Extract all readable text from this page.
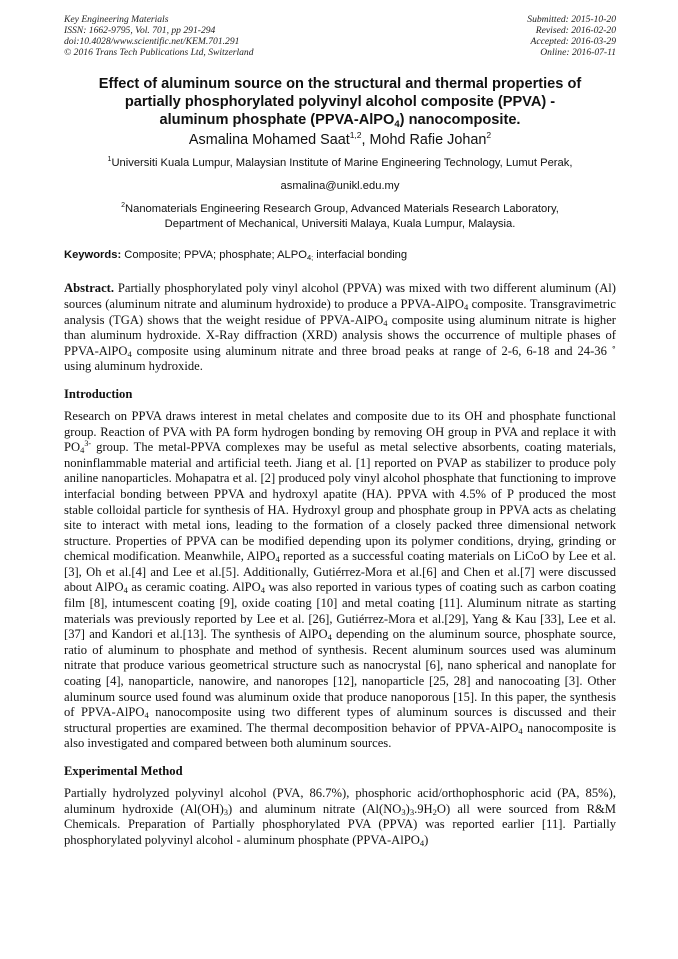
Key Engineering Materials
ISSN: 1662-9795, Vol. 701, pp 291-294
doi:10.4028/www.scientific.net/KEM.701.291
© 2016 Trans Tech Publications Ltd, Switzerland
Submitted: 2015-10-20
Revised: 2016-02-20
Accepted: 2016-03-29
Online: 2016-07-11
Effect of aluminum source on the structural and thermal properties of
partially phosphorylated polyvinyl alcohol composite (PPVA) -
aluminum phosphate (PPVA-AlPO$_4$) nanocomposite.
Asmalina Mohamed Saat$^{1,2}$, Mohd Rafie Johan$^2$
$^1$Universiti Kuala Lumpur, Malaysian Institute of Marine Engineering Technology, Lumut Perak,
asmalina@unikl.edu.my
$^2$Nanomaterials Engineering Research Group, Advanced Materials Research Laboratory,
Department of Mechanical, Universiti Malaya, Kuala Lumpur, Malaysia.
Keywords: Composite; PPVA; phosphate; $ALPO_{4;}$ interfacial bonding
Abstract. Partially phosphorylated poly vinyl alcohol (PPVA) was mixed with two different aluminum (Al) sources (aluminum nitrate and aluminum hydroxide) to produce a PPVA-AlPO$_4$ composite. Transgravimetric analysis (TGA) shows that the weight residue of PPVA-AlPO$_4$ composite using aluminum nitrate is higher than aluminum hydroxide. X-Ray diffraction (XRD) analysis shows the occurrence of multiple phases of PPVA-AlPO$_4$ composite using aluminum nitrate and three broad peaks at range of 2-6, 6-18 and 24-36 ˚ using aluminum hydroxide.
Introduction
Research on PPVA draws interest in metal chelates and composite due to its OH and phosphate functional group. Reaction of PVA with PA form hydrogen bonding by removing OH group in PVA and replace it with $PO_4^{3-}$ group. The metal-PPVA complexes may be useful as metal selective absorbents, coating materials, noninflammable material and artificial teeth. Jiang et al. [1] reported on PVAP as stabilizer to produce poly aniline nanoparticles. Mohapatra et al. [2] produced poly vinyl alcohol phosphate that functioning to improve interfacial bonding between PPVA and hydroxyl apatite (HA). PPVA with 4.5% of P produced the most stable colloidal particle for synthesis of HA. Hydroxyl group and phosphate group in PPVA acts as chelating site to interact with metal ions, leading to the formation of a closely packed three dimensional network structure. Properties of PPVA can be modified depending upon its polymer conditions, drying, grinding or chemical modification. Meanwhile, AlPO$_4$ reported as a successful coating materials on LiCoO by Lee et al.[3], Oh et al.[4] and Lee et al.[5]. Additionally, Gutiérrez-Mora et al.[6] and Chen et al.[7] were discussed about AlPO$_4$ as ceramic coating. AlPO$_4$ was also reported in various types of coating such as carbon coating film [8], intumescent coating [9], oxide coating [10] and metal coating [11]. Aluminum nitrate as starting materials was previously reported by Lee et al. [26], Gutiérrez-Mora et al.[29], Yang & Kau [33], Lee et al.[37] and Kandori et al.[13]. The synthesis of AlPO$_4$ depending on the aluminum source, phosphate source, ratio of aluminum to phosphate and method of synthesis. Recent aluminum sources used was aluminum nitrate that produce various geometrical structure such as nanocrystal [6], nano spherical and nanoplate for coating [4], nanoparticle, nanowire, and nanoropes [12], nanoparticle [25, 28] and nanocoating [3]. Other aluminum source used found was aluminum oxide that produce nanoporous [15]. In this paper, the synthesis of PPVA-AlPO$_4$ nanocomposite using two different types of aluminum sources is discussed and their structural properties are examined. The thermal decomposition behavior of PPVA-AlPO$_4$ nanocomposite is also investigated and compared between both aluminum sources.
Experimental Method
Partially hydrolyzed polyvinyl alcohol (PVA, 86.7%), phosphoric acid/orthophosphoric acid (PA, 85%), aluminum hydroxide $(Al(OH)_3)$ and aluminum nitrate $(Al(NO_3)_3.9H_2O)$ all were sourced from R&M Chemicals. Preparation of Partially phosphorylated PVA (PPVA) was reported earlier [11]. Partially phosphorylated polyvinyl alcohol - aluminum phosphate (PPVA-AlPO$_4$)
